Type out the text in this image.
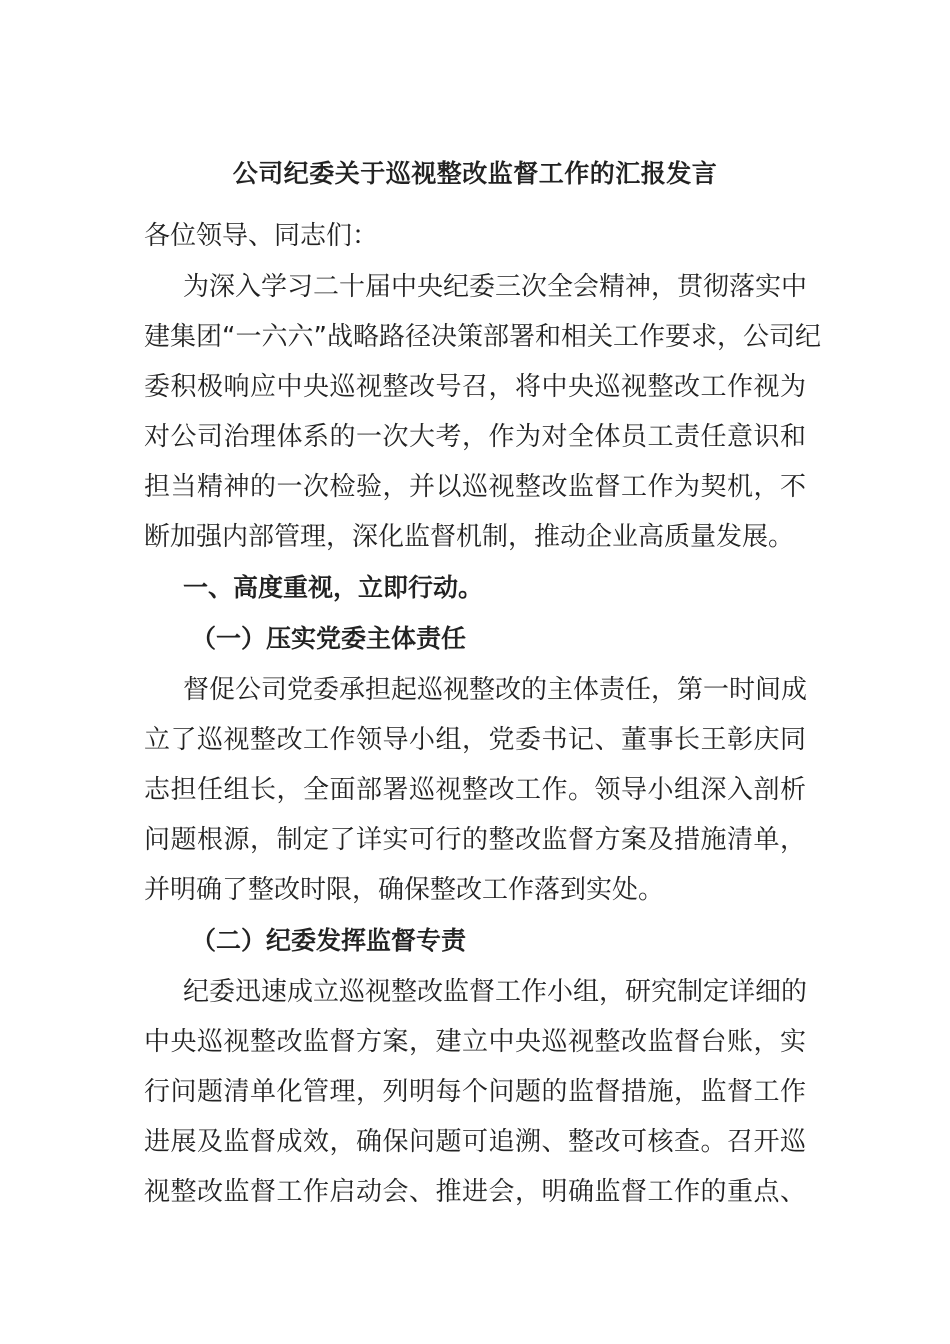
公司纪委关于巡视整改监督工作的汇报发言
各位领导、同志们：
为深入学习二十届中央纪委三次全会精神，贯彻落实中
建集团“一六六”战略路径决策部署和相关工作要求，公司纪
委积极响应中央巡视整改号召，将中央巡视整改工作视为
对公司治理体系的一次大考，作为对全体员工责任意识和
担当精神的一次检验，并以巡视整改监督工作为契机，不
断加强内部管理，深化监督机制，推动企业高质量发展。
一、高度重视，立即行动。
（一）压实党委主体责任
督促公司党委承担起巡视整改的主体责任，第一时间成
立了巡视整改工作领导小组，党委书记、董事长王彰庆同
志担任组长，全面部署巡视整改工作。领导小组深入剖析
问题根源，制定了详实可行的整改监督方案及措施清单，
并明确了整改时限，确保整改工作落到实处。
（二）纪委发挥监督专责
纪委迅速成立巡视整改监督工作小组，研究制定详细的
中央巡视整改监督方案，建立中央巡视整改监督台账，实
行问题清单化管理，列明每个问题的监督措施，监督工作
进展及监督成效，确保问题可追溯、整改可核查。召开巡
视整改监督工作启动会、推进会，明确监督工作的重点、
